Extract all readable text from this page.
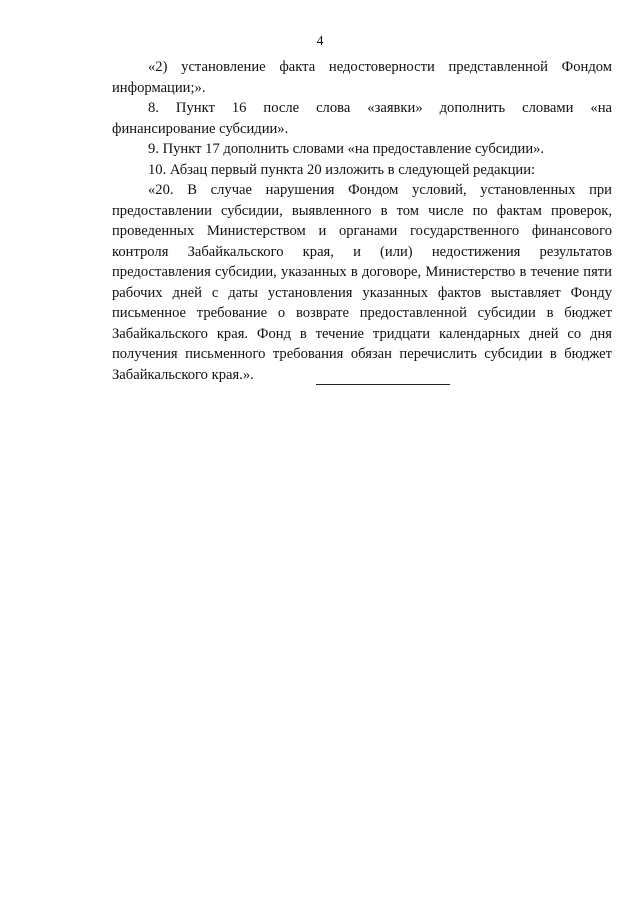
4

«2) установление факта недостоверности представленной Фондом информации;».

8. Пункт 16 после слова «заявки» дополнить словами «на финансирование субсидии».

9. Пункт 17 дополнить словами «на предоставление субсидии».

10. Абзац первый пункта 20 изложить в следующей редакции:

«20. В случае нарушения Фондом условий, установленных при предоставлении субсидии, выявленного в том числе по фактам проверок, проведенных Министерством и органами государственного финансового контроля Забайкальского края, и (или) недостижения результатов предоставления субсидии, указанных в договоре, Министерство в течение пяти рабочих дней с даты установления указанных фактов выставляет Фонду письменное требование о возврате предоставленной субсидии в бюджет Забайкальского края. Фонд в течение тридцати календарных дней со дня получения письменного требования обязан перечислить субсидии в бюджет Забайкальского края.».
